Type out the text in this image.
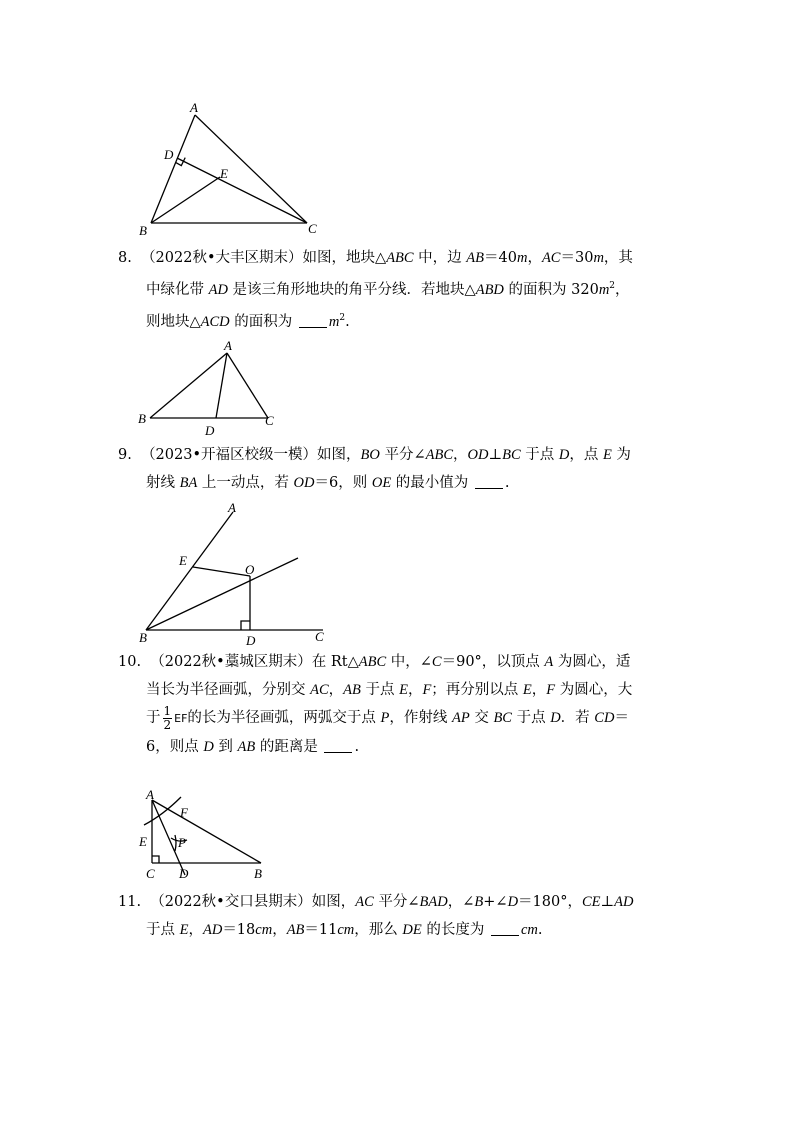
A
D
E
B	C

8. （2022秋•大丰区期末）如图，地块△ABC 中，边 AB＝40m，AC＝30m，其

中绿化带 AD 是该三角形地块的角平分线．若地块△ABD 的面积为 $320m^2$，

则地块△ACD 的面积为 $m^2$.

A
B	C
D

9. （2023•开福区校级一模）如图，BO 平分∠ABC，OD⊥BC 于点 D，点 E 为

射线 BA 上一动点，若 OD＝6，则 OE 的最小值为 .

A
E
O
B	D	C

10. （2022秋•藁城区期末）在 Rt△ABC 中，∠C＝90°，以顶点 A 为圆心，适

当长为半径画弧，分别交 AC，AB 于点 E，F；再分别以点 E，F 为圆心，大

于 $\frac{1}{2}$ EF的长为半径画弧，两弧交于点 P，作射线 AP 交 BC 于点 D．若 CD＝

6，则点 D 到 AB 的距离是 .

A
F
E P
C D	B

11. （2022秋•交口县期末）如图，AC 平分∠BAD，∠B+∠D＝180°，CE⊥AD

于点 E，AD＝18cm，AB＝11cm，那么 DE 的长度为 cm.
